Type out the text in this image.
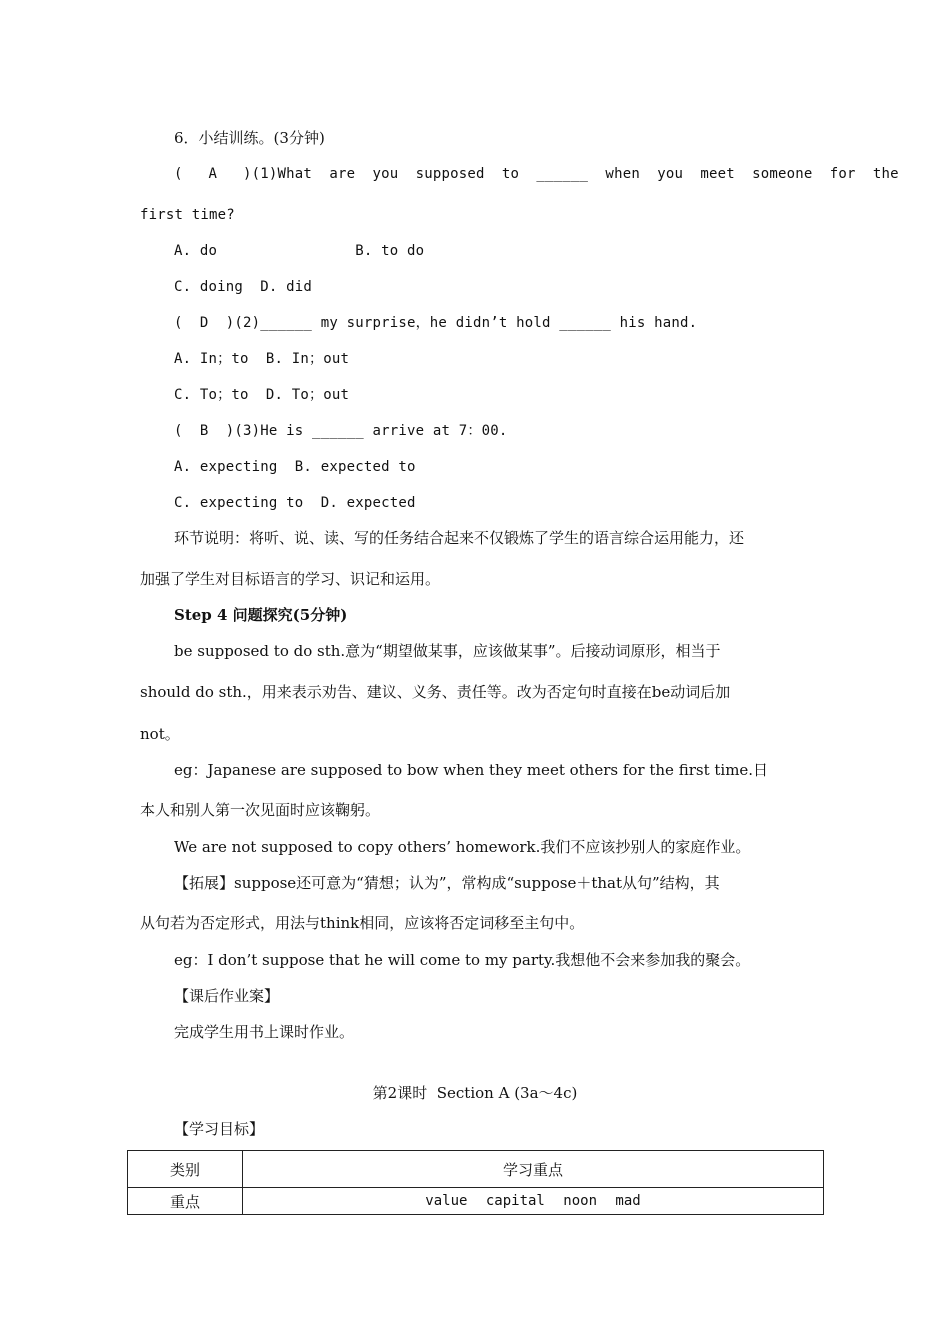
6．小结训练。(3分钟)
(   A   )(1)What  are  you  supposed  to  ______  when  you  meet  someone  for  the
first time?
A. do                B. to do
C. doing  D. did
(  D  )(2)______ my surprise，he didn’t hold ______ his hand.
A. In；to  B. In；out
C. To；to  D. To；out
(  B  )(3)He is ______ arrive at 7：00.
A. expecting  B. expected to
C. expecting to  D. expected
环节说明：将听、说、读、写的任务结合起来不仅锻炼了学生的语言综合运用能力，还
加强了学生对目标语言的学习、识记和运用。
Step 4 问题探究(5分钟)
be supposed to do sth.意为“期望做某事，应该做某事”。后接动词原形，相当于
should do sth.，用来表示劝告、建议、义务、责任等。改为否定句时直接在be动词后加
not。
eg：Japanese are supposed to bow when they meet others for the first time.日
本人和别人第一次见面时应该鞠躬。
We are not supposed to copy others’ homework.我们不应该抄别人的家庭作业。
【拓展】suppose还可意为“猜想；认为”，常构成“suppose＋that从句”结构，其
从句若为否定形式，用法与think相同，应该将否定词移至主句中。
eg：I don’t suppose that he will come to my party.我想他不会来参加我的聚会。
【课后作业案】
完成学生用书上课时作业。
第2课时  Section A (3a～4c)
【学习目标】
类别	学习重点
重点	value capital noon mad
